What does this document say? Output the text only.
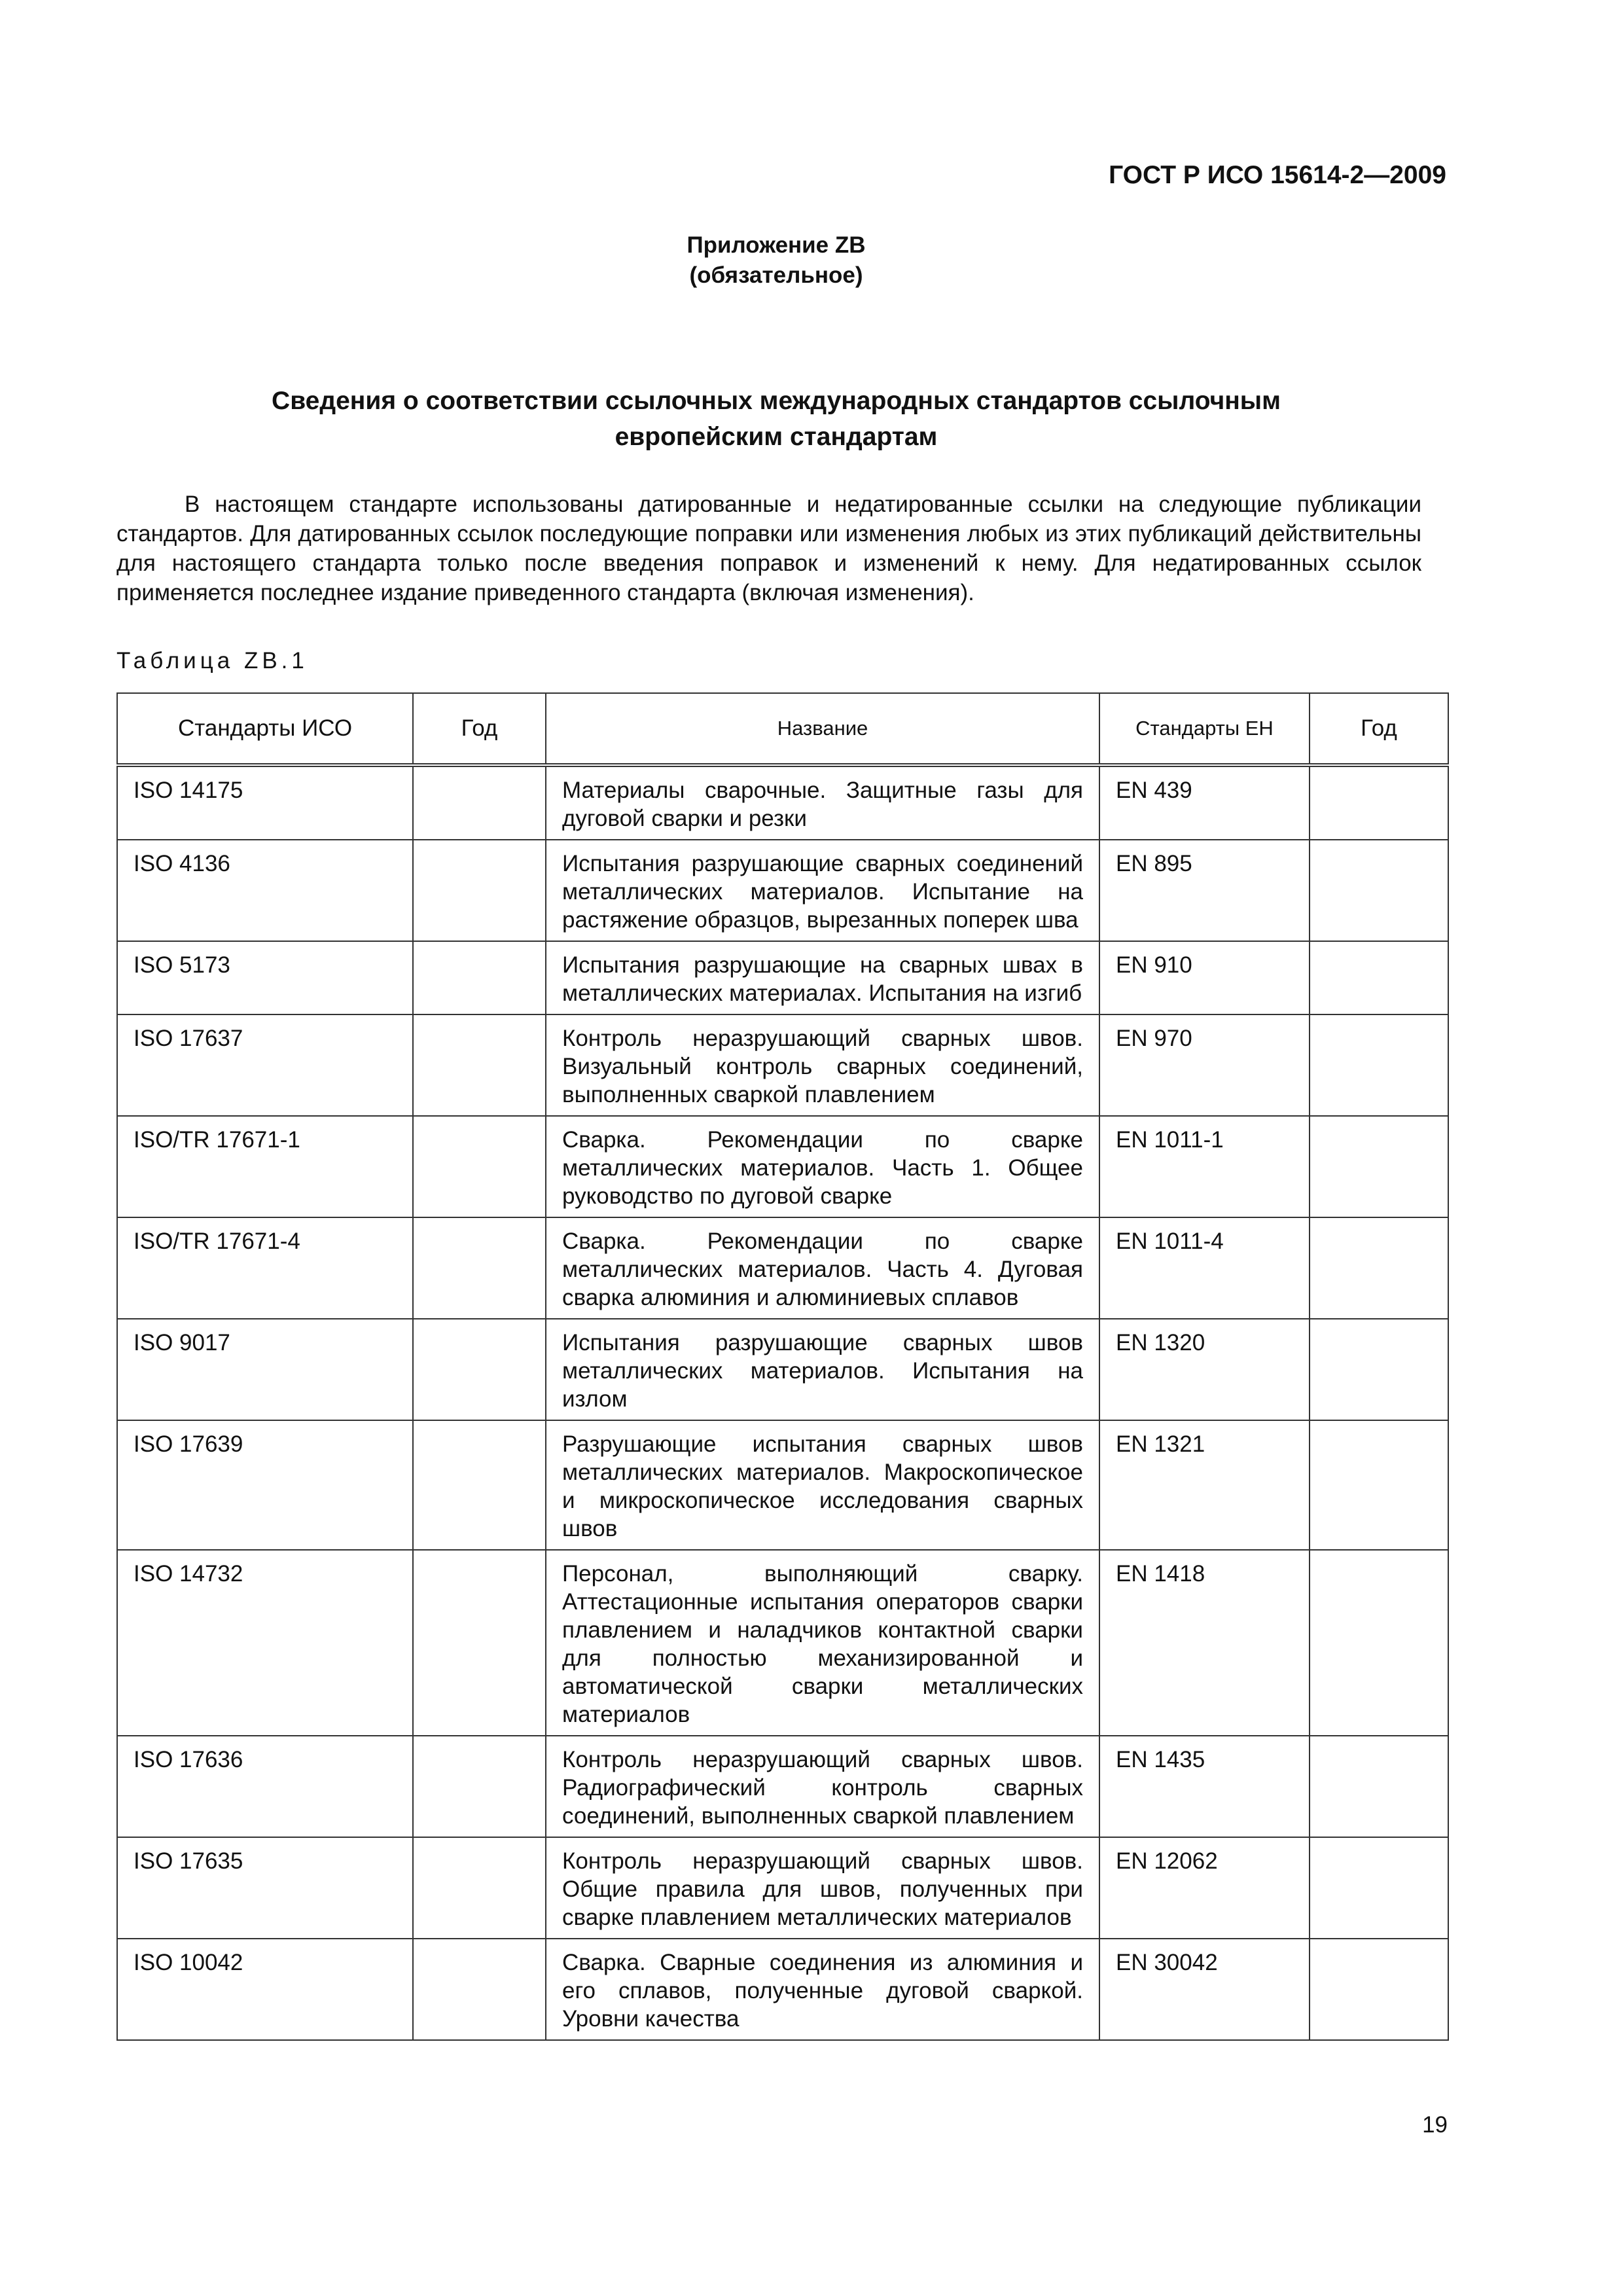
ГОСТ Р ИСО 15614-2—2009
Приложение ZB
(обязательное)
Сведения о соответствии ссылочных международных стандартов ссылочным
европейским стандартам

В настоящем стандарте использованы датированные и недатированные ссылки на следующие публикации стандартов. Для датированных ссылок последующие поправки или изменения любых из этих публикаций действительны для настоящего стандарта только после введения поправок и изменений к нему. Для недатированных ссылок применяется последнее издание приведенного стандарта (включая изменения).

Таблица ZB.1
Стандарты ИСО	Год	Название	Стандарты ЕН	Год
ISO 14175		Материалы сварочные. Защитные газы для дуговой сварки и резки	EN 439	
ISO 4136		Испытания разрушающие сварных соединений металлических материалов. Испытание на растяжение образцов, вырезанных поперек шва	EN 895	
ISO 5173		Испытания разрушающие на сварных швах в металлических материалах. Испытания на изгиб	EN 910	
ISO 17637		Контроль неразрушающий сварных швов. Визуальный контроль сварных соединений, выполненных сваркой плавлением	EN 970	
ISO/TR 17671-1		Сварка. Рекомендации по сварке металлических материалов. Часть 1. Общее руководство по дуговой сварке	EN 1011-1	
ISO/TR 17671-4		Сварка. Рекомендации по сварке металлических материалов. Часть 4. Дуговая сварка алюминия и алюминиевых сплавов	EN 1011-4	
ISO 9017		Испытания разрушающие сварных швов металлических материалов. Испытания на излом	EN 1320	
ISO 17639		Разрушающие испытания сварных швов металлических материалов. Макроскопическое и микроскопическое исследования сварных швов	EN 1321	
ISO 14732		Персонал, выполняющий сварку. Аттестационные испытания операторов сварки плавлением и наладчиков контактной сварки для полностью механизированной и автоматической сварки металлических материалов	EN 1418	
ISO 17636		Контроль неразрушающий сварных швов. Радиографический контроль сварных соединений, выполненных сваркой плавлением	EN 1435	
ISO 17635		Контроль неразрушающий сварных швов. Общие правила для швов, полученных при сварке плавлением металлических материалов	EN 12062	
ISO 10042		Сварка. Сварные соединения из алюминия и его сплавов, полученные дуговой сваркой. Уровни качества	EN 30042	
19
